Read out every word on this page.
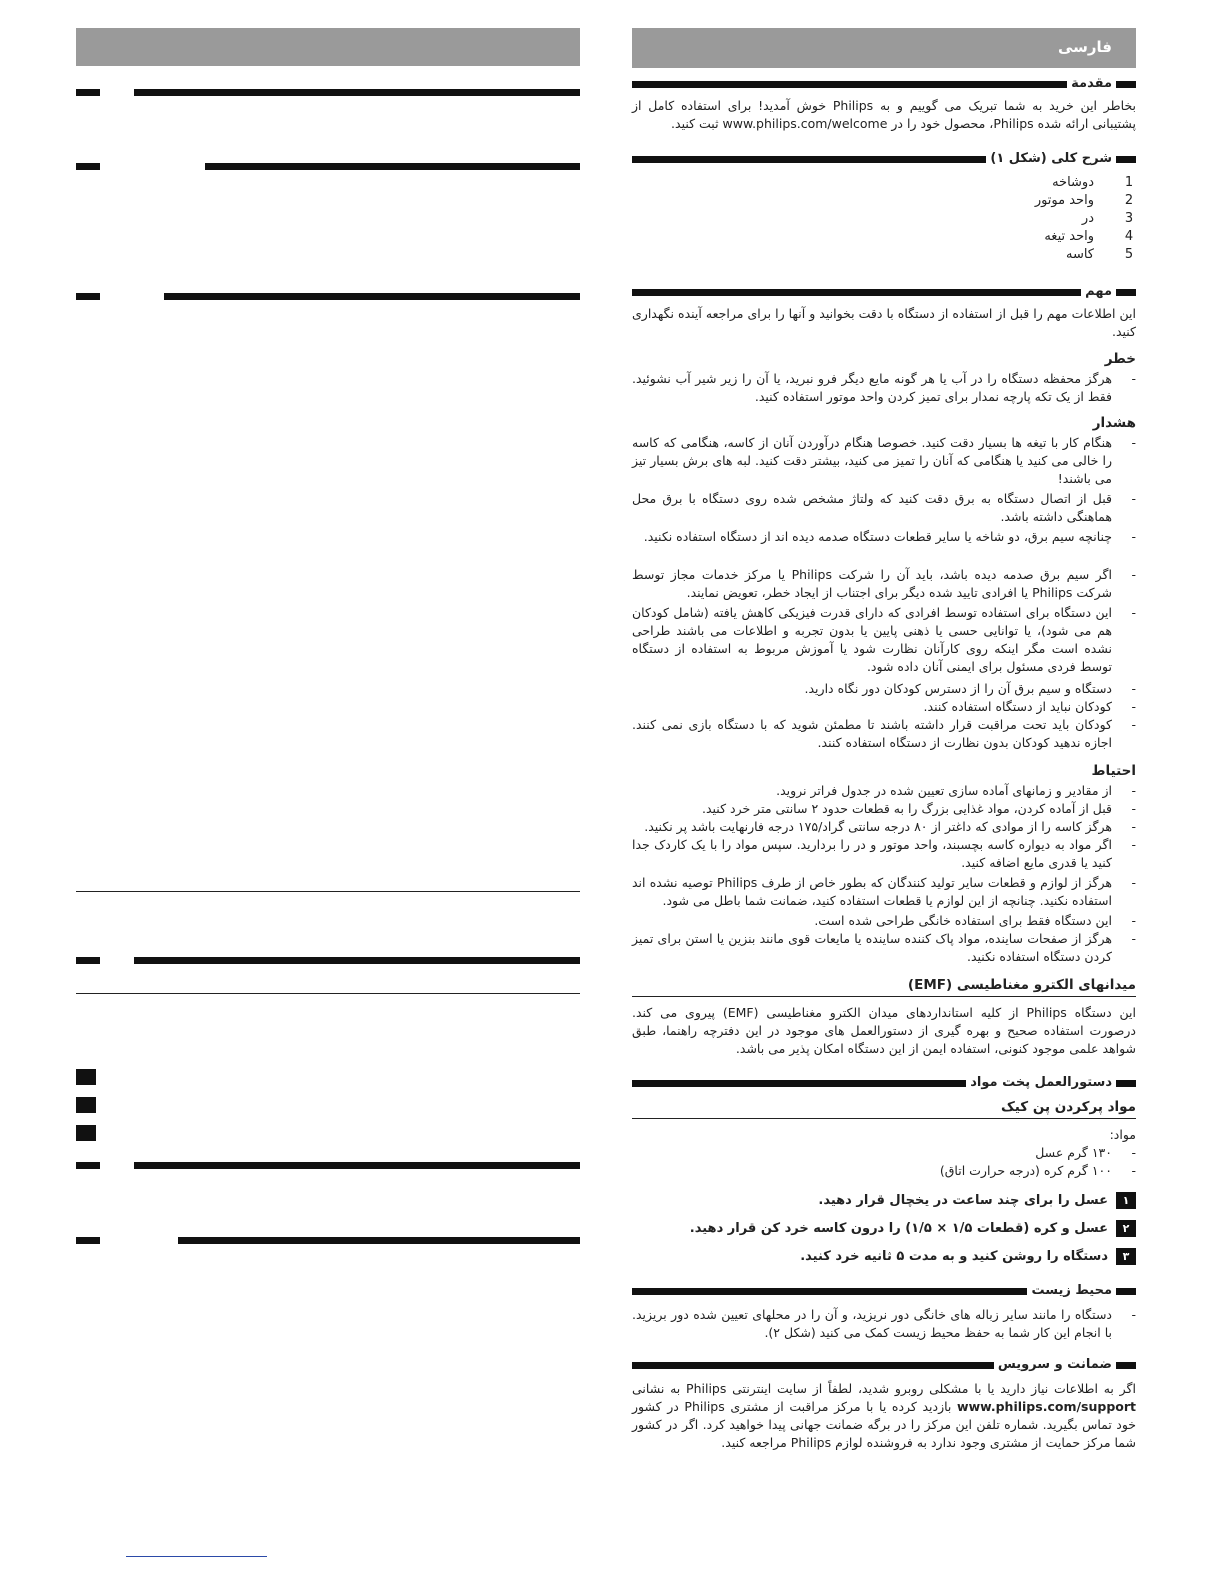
فارسی
مقدمة
بخاطر این خرید به شما تبریک می گوییم و به Philips خوش آمدید! برای استفاده کامل از پشتیبانی ارائه شده Philips، محصول خود را در www.philips.com/welcome ثبت کنید.
شرح کلی (شکل ۱)
1
دوشاخه
2
واحد موتور
3
در
4
واحد تیغه
5
کاسه
مهم
این اطلاعات مهم را قبل از استفاده از دستگاه با دقت بخوانید و آنها را برای مراجعه آینده نگهداری کنید.
خطر
-
هرگز محفظه دستگاه را در آب یا هر گونه مایع دیگر فرو نبرید، یا آن را زیر شیر آب نشوئید. فقط از یک تکه پارچه نمدار برای تمیز کردن واحد موتور استفاده کنید.
هشدار
-
هنگام کار با تیغه ها بسیار دقت کنید. خصوصا هنگام درآوردن آنان از کاسه، هنگامی که کاسه را خالی می کنید یا هنگامی که آنان را تمیز می کنید، بیشتر دقت کنید. لبه های برش بسیار تیز می باشند!
-
قبل از اتصال دستگاه به برق دقت کنید که ولتاژ مشخص شده روی دستگاه با برق محل هماهنگی داشته باشد.
-
چنانچه سیم برق، دو شاخه یا سایر قطعات دستگاه صدمه دیده اند از دستگاه استفاده نکنید.
-
اگر سیم برق صدمه دیده باشد، باید آن را شرکت Philips یا مرکز خدمات مجاز توسط شرکت Philips یا افرادی تایید شده دیگر برای اجتناب از ایجاد خطر، تعویض نمایند.
-
این دستگاه برای استفاده توسط افرادی که دارای قدرت فیزیکی کاهش یافته (شامل کودکان هم می شود)، یا توانایی حسی یا ذهنی پایین یا بدون تجربه و اطلاعات می باشند طراحی نشده است مگر اینکه روی کارآنان نظارت شود یا آموزش مربوط به استفاده از دستگاه توسط فردی مسئول برای ایمنی آنان داده شود.
-
دستگاه و سیم برق آن را از دسترس کودکان دور نگاه دارید.
-
کودکان نباید از دستگاه استفاده کنند.
-
کودکان باید تحت مراقبت قرار داشته باشند تا مطمئن شوید که با دستگاه بازی نمی کنند. اجازه ندهید کودکان بدون نظارت از دستگاه استفاده کنند.
احتیاط
-
از مقادیر و زمانهای آماده سازی تعیین شده در جدول فراتر نروید.
-
قبل از آماده کردن، مواد غذایی بزرگ را به قطعات حدود ۲ سانتی متر خرد کنید.
-
هرگز کاسه را از موادی که داغتر از ۸۰ درجه سانتی گراد/۱۷۵ درجه فارنهایت باشد پر نکنید.
-
اگر مواد به دیواره کاسه بچسبند، واحد موتور و در را بردارید. سپس مواد را با یک کاردک جدا کنید یا قدری مایع اضافه کنید.
-
هرگز از لوازم و قطعات سایر تولید کنندگان که بطور خاص از طرف Philips توصیه نشده اند استفاده نکنید. چنانچه از این لوازم یا قطعات استفاده کنید، ضمانت شما باطل می شود.
-
این دستگاه فقط برای استفاده خانگی طراحی شده است.
-
هرگز از صفحات ساینده، مواد پاک کننده ساینده یا مایعات قوی مانند بنزین یا استن برای تمیز کردن دستگاه استفاده نکنید.
میدانهای الکترو مغناطیسی (EMF)
این دستگاه Philips از کلیه استانداردهای میدان الکترو مغناطیسی (EMF) پیروی می کند. درصورت استفاده صحیح و بهره گیری از دستورالعمل های موجود در این دفترچه راهنما، طبق شواهد علمی موجود کنونی، استفاده ایمن از این دستگاه امکان پذیر می باشد.
دستورالعمل پخت مواد
مواد پرکردن پن کیک
مواد:
-
۱۳۰ گرم عسل
-
۱۰۰ گرم کره (درجه حرارت اتاق)
۱
عسل را برای چند ساعت در یخچال قرار دهید.
۲
عسل و کره (قطعات ۱/۵ × ۱/۵) را درون کاسه خرد کن قرار دهید.
۳
دستگاه را روشن کنید و به مدت ۵ ثانیه خرد کنید.
محیط زیست
-
دستگاه را مانند سایر زباله های خانگی دور نریزید، و آن را در محلهای تعیین شده دور بریزید. با انجام این کار شما به حفظ محیط زیست کمک می کنید (شکل ۲).
ضمانت و سرویس
اگر به اطلاعات نیاز دارید یا با مشکلی روبرو شدید، لطفاً از سایت اینترنتی Philips به نشانی www.philips.com/support بازدید کرده یا با مرکز مراقبت از مشتری Philips در کشور خود تماس بگیرید. شماره تلفن این مرکز را در برگه ضمانت جهانی پیدا خواهید کرد. اگر در کشور شما مرکز حمایت از مشتری وجود ندارد به فروشنده لوازم Philips مراجعه کنید.
